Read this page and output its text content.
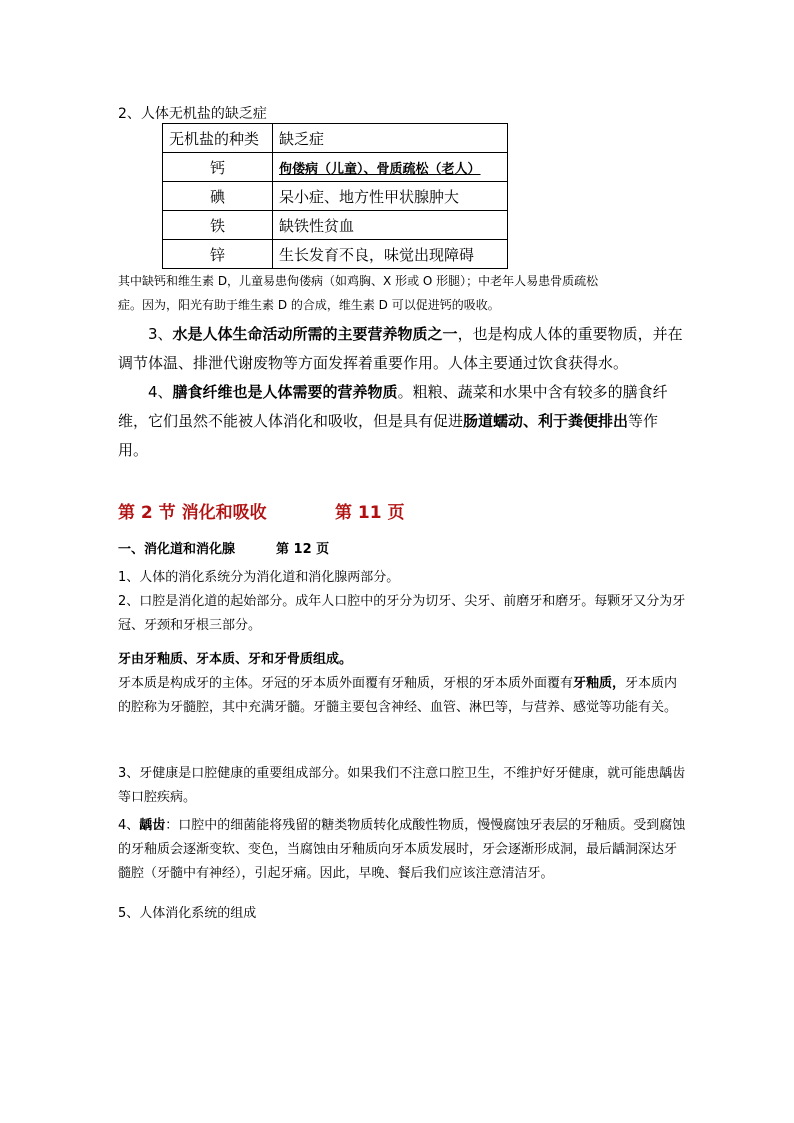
2、人体无机盐的缺乏症
无机盐的种类	缺乏症
钙	佝偻病（儿童）、骨质疏松（老人）
碘	呆小症、地方性甲状腺肿大
铁	缺铁性贫血
锌	生长发育不良，味觉出现障碍
其中缺钙和维生素 D，儿童易患佝偻病（如鸡胸、X 形或 O 形腿）；中老年人易患骨质疏松
症。因为，阳光有助于维生素 D 的合成，维生素 D 可以促进钙的吸收。
3、水是人体生命活动所需的主要营养物质之一，也是构成人体的重要物质，并在调节体温、排泄代谢废物等方面发挥着重要作用。人体主要通过饮食获得水。
4、膳食纤维也是人体需要的营养物质。粗粮、蔬菜和水果中含有较多的膳食纤维，它们虽然不能被人体消化和吸收，但是具有促进肠道蠕动、利于粪便排出等作用。
第 2 节 消化和吸收	第 11 页
一、消化道和消化腺	第 12 页
1、人体的消化系统分为消化道和消化腺两部分。
2、口腔是消化道的起始部分。成年人口腔中的牙分为切牙、尖牙、前磨牙和磨牙。每颗牙又分为牙冠、牙颈和牙根三部分。
牙由牙釉质、牙本质、牙和牙骨质组成。
牙本质是构成牙的主体。牙冠的牙本质外面覆有牙釉质，牙根的牙本质外面覆有牙釉质，牙本质内的腔称为牙髓腔，其中充满牙髓。牙髓主要包含神经、血管、淋巴等，与营养、感觉等功能有关。
3、牙健康是口腔健康的重要组成部分。如果我们不注意口腔卫生，不维护好牙健康，就可能患龋齿等口腔疾病。
4、龋齿：口腔中的细菌能将残留的糖类物质转化成酸性物质，慢慢腐蚀牙表层的牙釉质。受到腐蚀的牙釉质会逐渐变软、变色，当腐蚀由牙釉质向牙本质发展时，牙会逐渐形成洞，最后龋洞深达牙髓腔（牙髓中有神经），引起牙痛。因此，早晚、餐后我们应该注意清洁牙。
5、人体消化系统的组成
